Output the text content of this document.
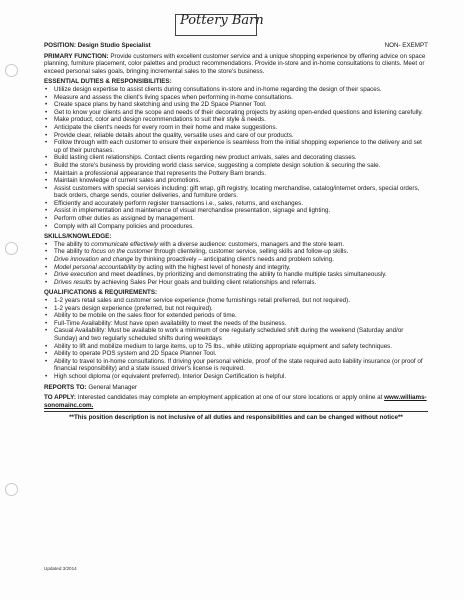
Pottery Barn
POSITION: Design Studio Specialist	NON- EXEMPT
PRIMARY FUNCTION: Provide customers with excellent customer service and a unique shopping experience by offering advice on space planning, furniture placement, color palettes and product recommendations. Provide in-store and in-home consultations to clients. Meet or exceed personal sales goals, bringing incremental sales to the store's business.
ESSENTIAL DUTIES & RESPONSIBILITIES:
• Utilize design expertise to assist clients during consultations in-store and in-home regarding the design of their spaces.
• Measure and assess the client's living spaces when performing in-home consultations.
• Create space plans by hand sketching and using the 2D Space Planner Tool.
• Get to know your clients and the scope and needs of their decorating projects by asking open-ended questions and listening carefully.
• Make product, color and design recommendations to suit their style & needs.
• Anticipate the client's needs for every room in their home and make suggestions.
• Provide clear, reliable details about the quality, versatile uses and care of our products.
• Follow through with each customer to ensure their experience is seamless from the initial shopping experience to the delivery and set up of their purchases.
• Build lasting client relationships. Contact clients regarding new product arrivals, sales and decorating classes.
• Build the store's business by providing world class service, suggesting a complete design solution & securing the sale.
• Maintain a professional appearance that represents the Pottery Barn brands.
• Maintain knowledge of current sales and promotions.
• Assist customers with special services including: gift wrap, gift registry, locating merchandise, catalog/internet orders, special orders, back orders, charge sends, courier deliveries, and furniture orders.
• Efficiently and accurately perform register transactions i.e., sales, returns, and exchanges.
• Assist in implementation and maintenance of visual merchandise presentation, signage and lighting.
• Perform other duties as assigned by management.
• Comply with all Company policies and procedures.
SKILLS/KNOWLEDGE:
• The ability to communicate effectively with a diverse audience: customers, managers and the store team.
• The ability to focus on the customer through clienteling, customer service, selling skills and follow-up skills.
• Drive innovation and change by thinking proactively – anticipating client's needs and problem solving.
• Model personal accountability by acting with the highest level of honesty and integrity.
• Drive execution and meet deadlines, by prioritizing and demonstrating the ability to handle multiple tasks simultaneously.
• Drives results by achieving Sales Per Hour goals and building client relationships and referrals.
QUALIFICATIONS & REQUIREMENTS:
• 1-2 years retail sales and customer service experience (home furnishings retail preferred, but not required).
• 1-2 years design experience (preferred, but not required).
• Ability to be mobile on the sales floor for extended periods of time.
• Full-Time Availability: Must have open availability to meet the needs of the business.
• Casual Availability: Must be available to work a minimum of one regularly scheduled shift during the weekend (Saturday and/or Sunday) and two regularly scheduled shifts during weekdays
• Ability to lift and mobilize medium to large items, up to 75 lbs., while utilizing appropriate equipment and safety techniques.
• Ability to operate POS system and 2D Space Planner Tool.
• Ability to travel to in-home consultations. If driving your personal vehicle, proof of the state required auto liability insurance (or proof of financial responsibility) and a state issued driver's license is required.
• High school diploma (or equivalent preferred). Interior Design Certification is helpful.
REPORTS TO: General Manager
TO APPLY: Interested candidates may complete an employment application at one of our store locations or apply online at www.williams-sonomainc.com.
**This position description is not inclusive of all duties and responsibilities and can be changed without notice**
Updated 3/2014
